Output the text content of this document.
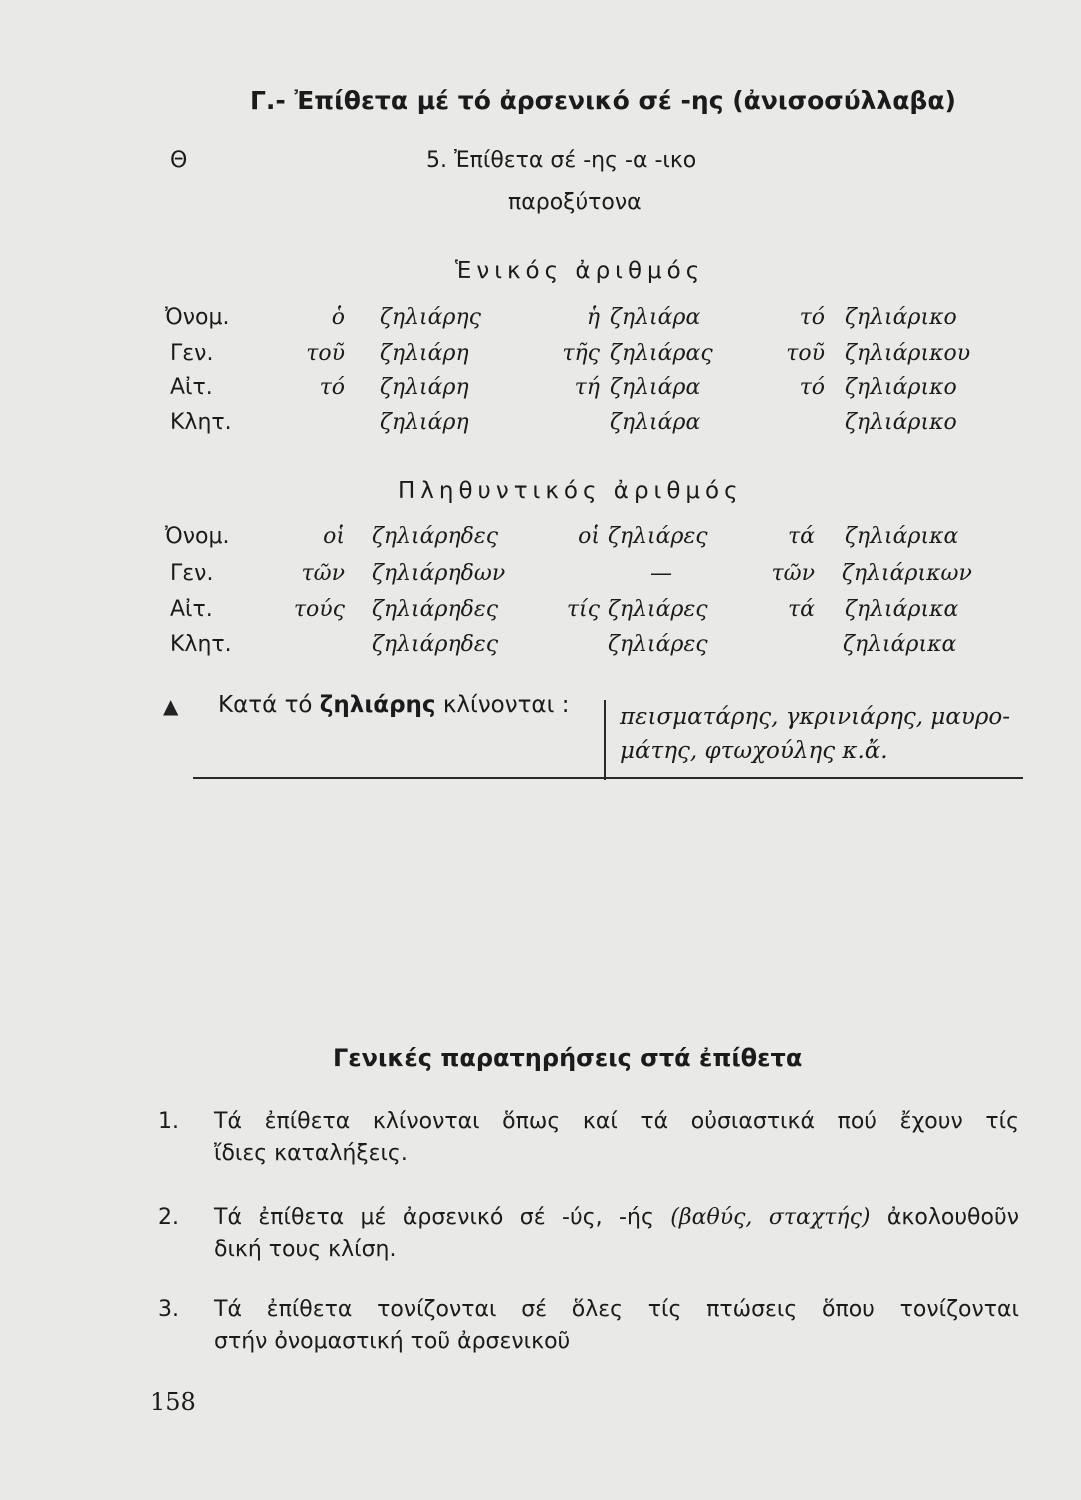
Γ.- Ἐπίθετα μέ τό ἀρσενικό σέ -ης (ἀνισοσύλλαβα)
Θ	5. Ἐπίθετα σέ -ης -α -ικο
παροξύτονα
Ἑνικός ἀριθμός
Ὀνομ.	ὁ ζηλιάρης	ἡ ζηλιάρα	τό ζηλιάρικο
Γεν.	τοῦ ζηλιάρη	τῆς ζηλιάρας	τοῦ ζηλιάρικου
Αἰτ.	τό ζηλιάρη	τή ζηλιάρα	τό ζηλιάρικο
Κλητ.	ζηλιάρη	ζηλιάρα	ζηλιάρικο
Πληθυντικός ἀριθμός
Ὀνομ.	οἱ ζηλιάρηδες	οἱ ζηλιάρες	τά ζηλιάρικα
Γεν.	τῶν ζηλιάρηδων	—	τῶν ζηλιάρικων
Αἰτ.	τούς ζηλιάρηδες	τίς ζηλιάρες	τά ζηλιάρικα
Κλητ.	ζηλιάρηδες	ζηλιάρες	ζηλιάρικα
▲ Κατά τό ζηλιάρης κλίνονται : πεισματάρης, γκρινιάρης, μαυρο-
μάτης, φτωχούλης κ.ἄ.
Γενικές παρατηρήσεις στά ἐπίθετα
1. Τά ἐπίθετα κλίνονται ὅπως καί τά οὐσιαστικά πού ἔχουν τίς
ἴδιες καταλήξεις.
2. Τά ἐπίθετα μέ ἀρσενικό σέ -ύς, -ής (βαθύς, σταχτής) ἀκολουθοῦν
δική τους κλίση.
3. Τά ἐπίθετα τονίζονται σέ ὅλες τίς πτώσεις ὅπου τονίζονται
στήν ὀνομαστική τοῦ ἀρσενικοῦ
158
